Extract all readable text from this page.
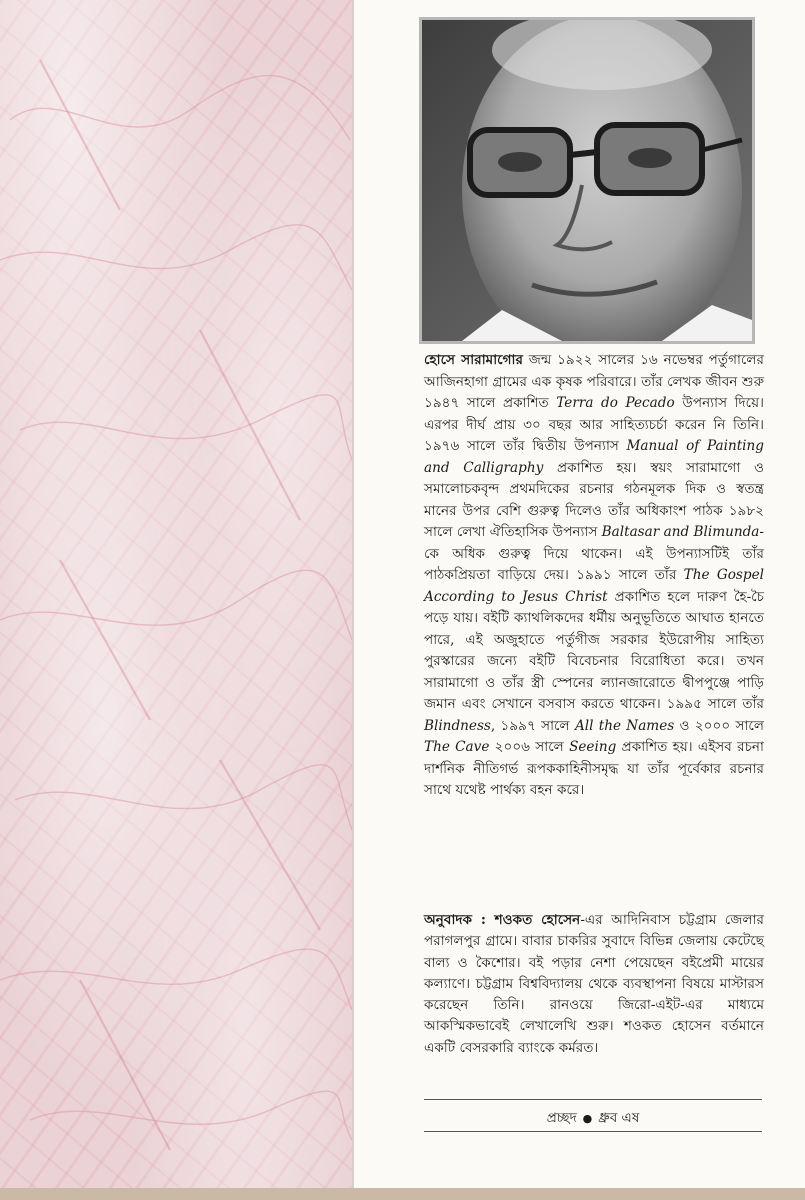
হোসে সারামাগোর জন্ম ১৯২২ সালের ১৬ নভেম্বর পর্তুগালের আজিনহাগা গ্রামের এক কৃষক পরিবারে। তাঁর লেখক জীবন শুরু ১৯৪৭ সালে প্রকাশিত Terra do Pecado উপন্যাস দিয়ে। এরপর দীর্ঘ প্রায় ৩০ বছর আর সাহিত্যচর্চা করেন নি তিনি। ১৯৭৬ সালে তাঁর দ্বিতীয় উপন্যাস Manual of Painting and Calligraphy প্রকাশিত হয়। স্বয়ং সারামাগো ও সমালোচকবৃন্দ প্রথমদিকের রচনার গঠনমূলক দিক ও স্বতন্ত্র মানের উপর বেশি গুরুত্ব দিলেও তাঁর অধিকাংশ পাঠক ১৯৮২ সালে লেখা ঐতিহাসিক উপন্যাস Baltasar and Blimunda-কে অধিক গুরুত্ব দিয়ে থাকেন। এই উপন্যাসটিই তাঁর পাঠকপ্রিয়তা বাড়িয়ে দেয়। ১৯৯১ সালে তাঁর The Gospel According to Jesus Christ প্রকাশিত হলে দারুণ হৈ-চৈ পড়ে যায়। বইটি ক্যাথলিকদের ধর্মীয় অনুভূতিতে আঘাত হানতে পারে, এই অজুহাতে পর্তুগীজ সরকার ইউরোপীয় সাহিত্য পুরস্কারের জন্যে বইটি বিবেচনার বিরোধিতা করে। তখন সারামাগো ও তাঁর স্ত্রী স্পেনের ল্যানজারোতে দ্বীপপুঞ্জে পাড়ি জমান এবং সেখানে বসবাস করতে থাকেন। ১৯৯৫ সালে তাঁর Blindness, ১৯৯৭ সালে All the Names ও ২০০০ সালে The Cave ২০০৬ সালে Seeing প্রকাশিত হয়। এইসব রচনা দার্শনিক নীতিগর্ভ রূপককাহিনীসমৃদ্ধ যা তাঁর পূর্বেকার রচনার সাথে যথেষ্ট পার্থক্য বহন করে।

অনুবাদক : শওকত হোসেন-এর আদিনিবাস চট্টগ্রাম জেলার পরাগলপুর গ্রামে। বাবার চাকরির সুবাদে বিভিন্ন জেলায় কেটেছে বাল্য ও কৈশোর। বই পড়ার নেশা পেয়েছেন বইপ্রেমী মায়ের কল্যাণে। চট্টগ্রাম বিশ্ববিদ্যালয় থেকে ব্যবস্থাপনা বিষয়ে মাস্টারস করেছেন তিনি। রানওয়ে জিরো-এইট-এর মাধ্যমে আকস্মিকভাবেই লেখালেখি শুরু। শওকত হোসেন বর্তমানে একটি বেসরকারি ব্যাংকে কর্মরত।

প্রচ্ছদ ● ধ্রুব এষ
